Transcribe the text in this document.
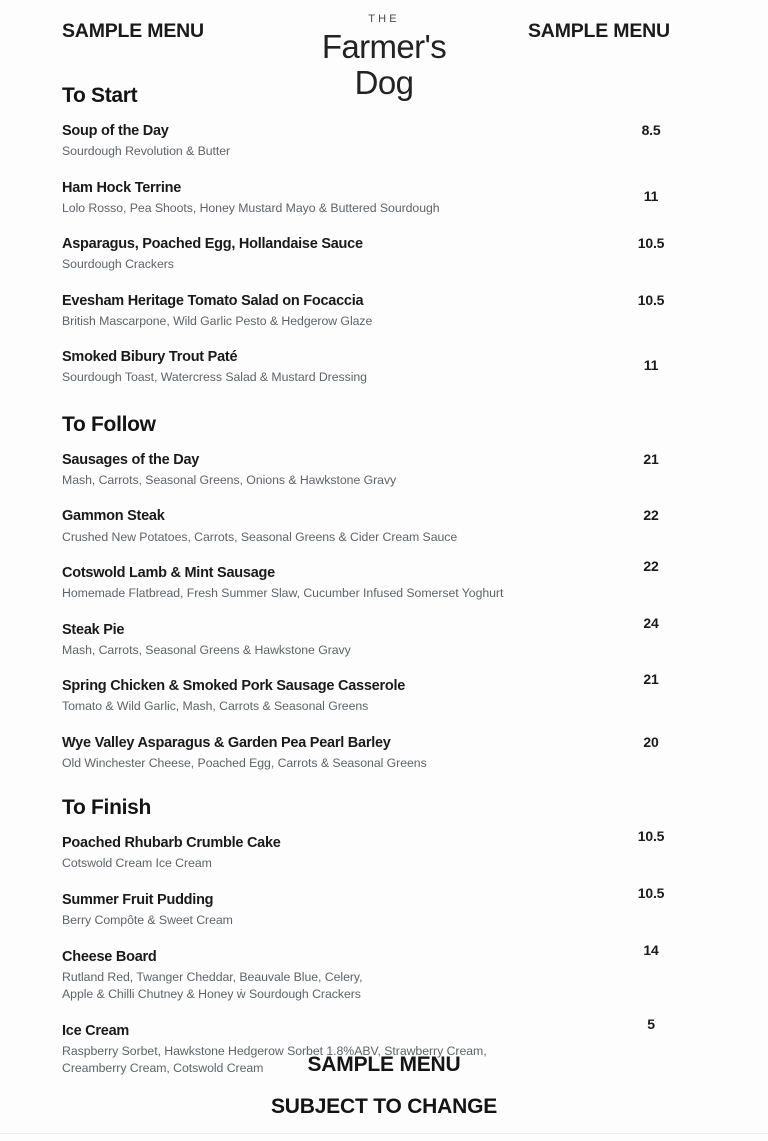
SAMPLE MENU
THE
Farmer's
Dog
SAMPLE MENU
To Start

Soup of the Day

Sourdough Revolution & Butter

8.5

Ham Hock Terrine

Lolo Rosso, Pea Shoots, Honey Mustard Mayo & Buttered Sourdough

11

Asparagus, Poached Egg, Hollandaise Sauce

Sourdough Crackers

10.5

Evesham Heritage Tomato Salad on Focaccia

British Mascarpone, Wild Garlic Pesto & Hedgerow Glaze

10.5

Smoked Bibury Trout Paté

Sourdough Toast, Watercress Salad & Mustard Dressing

11
To Follow

Sausages of the Day

Mash, Carrots, Seasonal Greens, Onions & Hawkstone Gravy

21

Gammon Steak

Crushed New Potatoes, Carrots, Seasonal Greens & Cider Cream Sauce

22

Cotswold Lamb & Mint Sausage

Homemade Flatbread, Fresh Summer Slaw, Cucumber Infused Somerset Yoghurt

22

Steak Pie

Mash, Carrots, Seasonal Greens & Hawkstone Gravy

24

Spring Chicken & Smoked Pork Sausage Casserole

Tomato & Wild Garlic, Mash, Carrots & Seasonal Greens

21

Wye Valley Asparagus & Garden Pea Pearl Barley

Old Winchester Cheese, Poached Egg, Carrots & Seasonal Greens

20
To Finish

Poached Rhubarb Crumble Cake

Cotswold Cream Ice Cream

10.5

Summer Fruit Pudding

Berry Compôte & Sweet Cream

10.5

Cheese Board

Rutland Red, Twanger Cheddar, Beauvale Blue, Celery,
Apple & Chilli Chutney & Honey ẇ Sourdough Crackers

14

Ice Cream

Raspberry Sorbet, Hawkstone Hedgerow Sorbet 1.8%ABV, Strawberry Cream,
Creamberry Cream, Cotswold Cream

5
SAMPLE MENU
SUBJECT TO CHANGE
